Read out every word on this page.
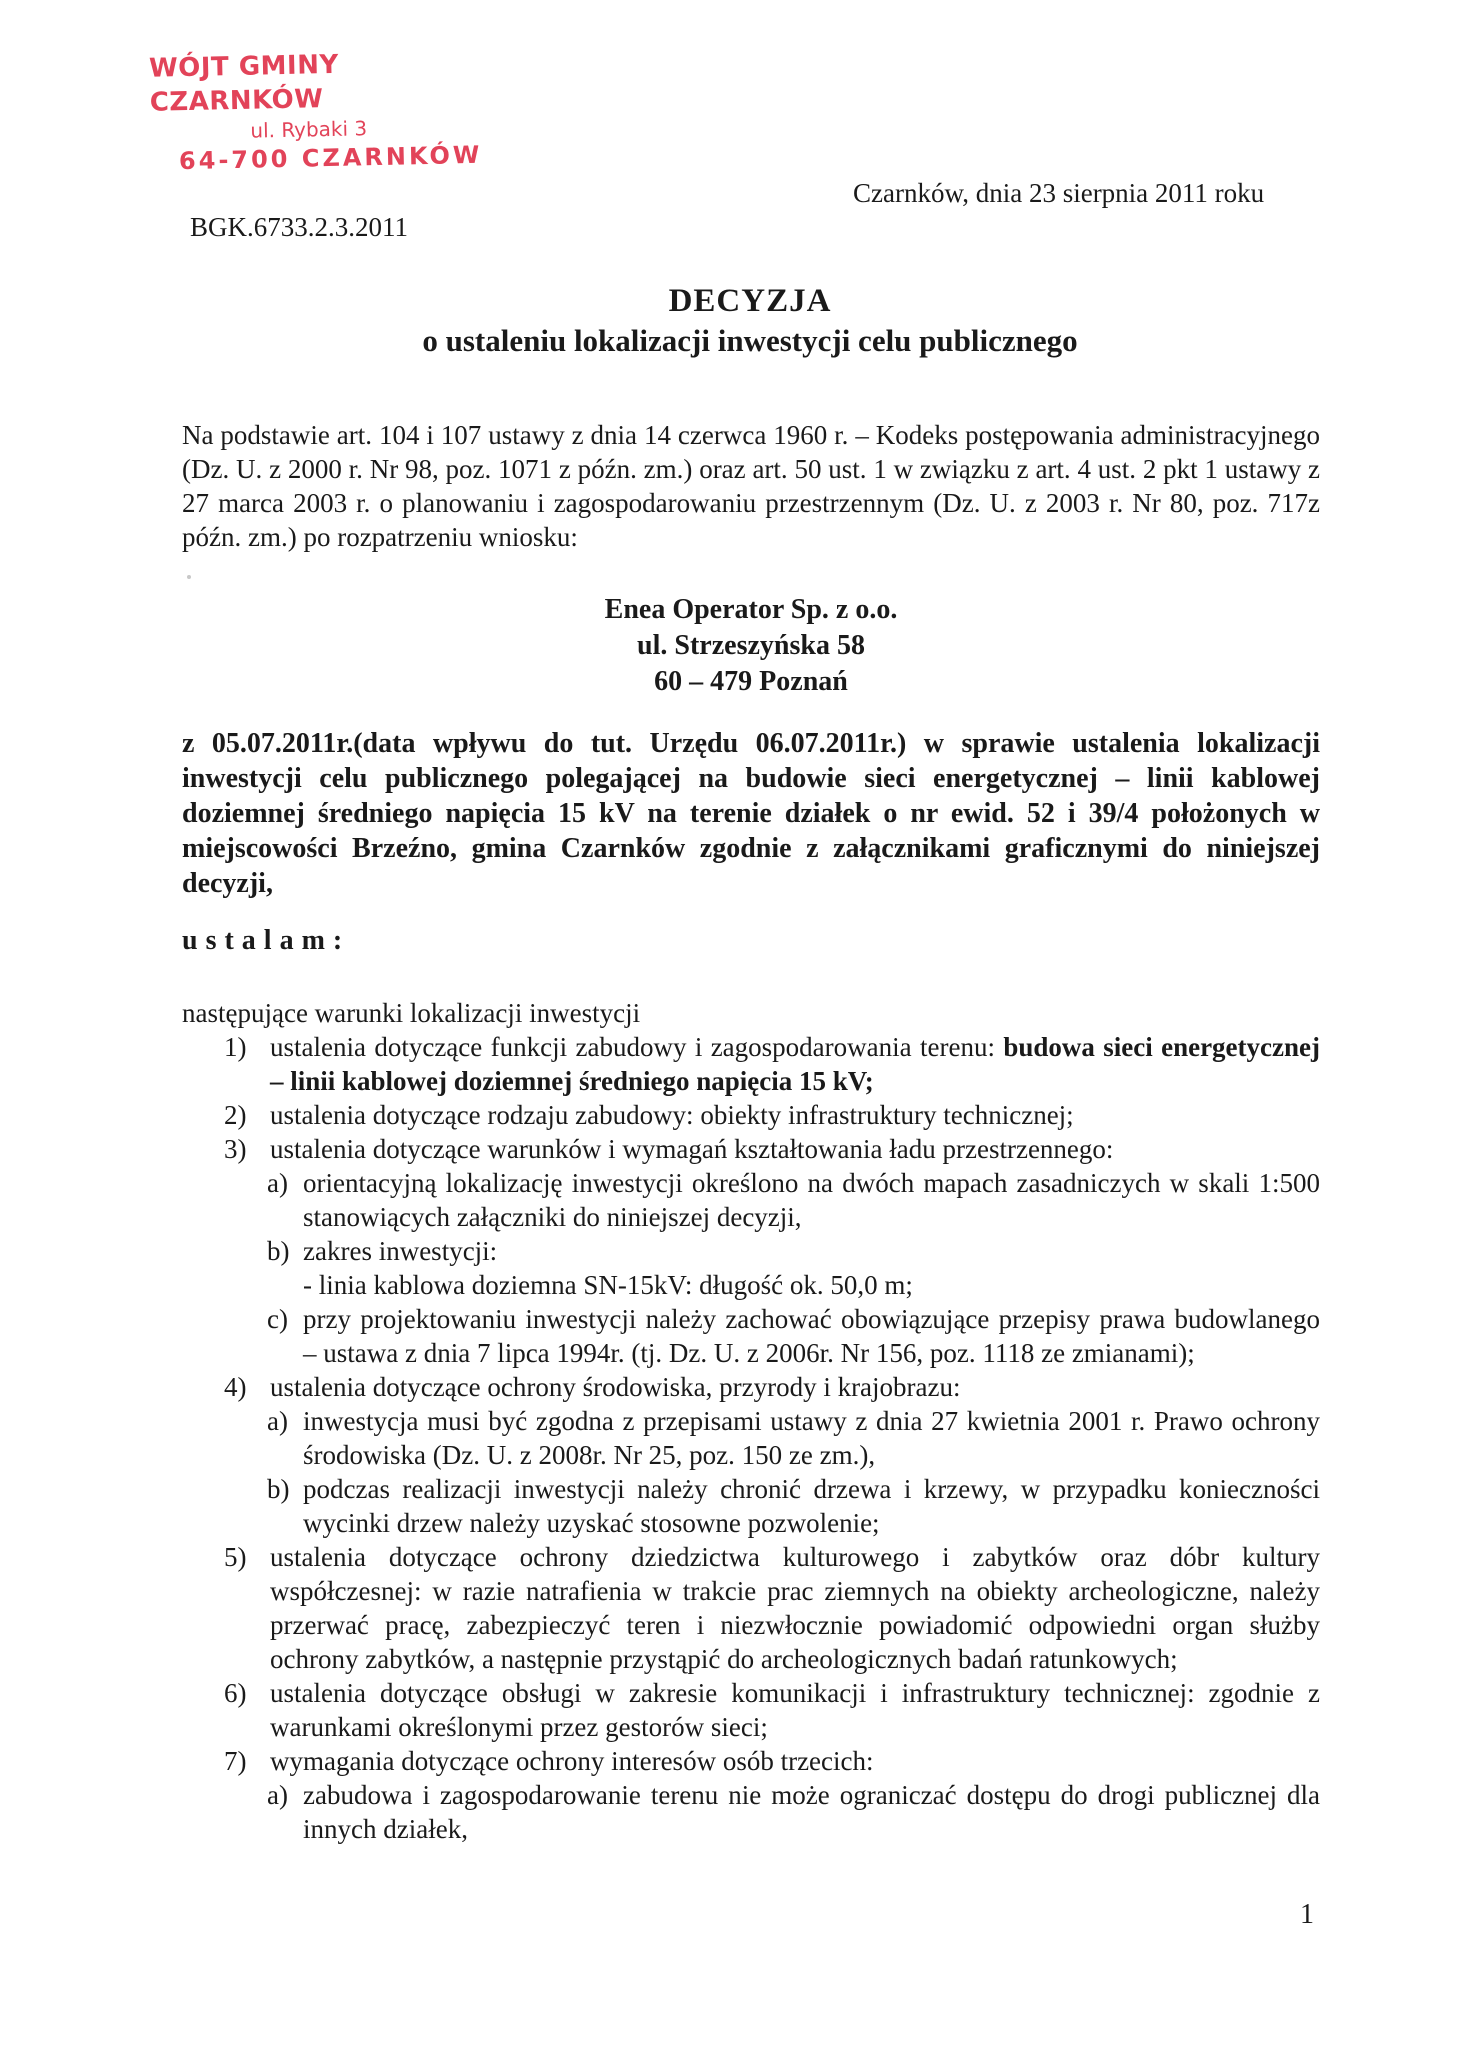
WÓJT GMINY CZARNKÓW
ul. Rybaki 3
64-700 CZARNKÓW
Czarnków, dnia 23 sierpnia 2011 roku
BGK.6733.2.3.2011
DECYZJA
o ustaleniu lokalizacji inwestycji celu publicznego
Na podstawie art. 104 i 107 ustawy z dnia 14 czerwca 1960 r. – Kodeks postępowania administracyjnego (Dz. U. z 2000 r. Nr 98, poz. 1071 z późn. zm.) oraz art. 50 ust. 1 w związku z art. 4 ust. 2 pkt 1 ustawy z 27 marca 2003 r. o planowaniu i zagospodarowaniu przestrzennym (Dz. U. z 2003 r. Nr 80, poz. 717z późn. zm.) po rozpatrzeniu wniosku:
Enea Operator Sp. z o.o.
ul. Strzeszyńska 58
60 – 479 Poznań
z 05.07.2011r.(data wpływu do tut. Urzędu 06.07.2011r.) w sprawie ustalenia lokalizacji inwestycji celu publicznego polegającej na budowie sieci energetycznej – linii kablowej doziemnej średniego napięcia 15 kV na terenie działek o nr ewid. 52 i 39/4 położonych w miejscowości Brzeźno, gmina Czarnków zgodnie z załącznikami graficznymi do niniejszej decyzji,
ustalam:
następujące warunki lokalizacji inwestycji
1) ustalenia dotyczące funkcji zabudowy i zagospodarowania terenu: budowa sieci energetycznej – linii kablowej doziemnej średniego napięcia 15 kV;
2) ustalenia dotyczące rodzaju zabudowy: obiekty infrastruktury technicznej;
3) ustalenia dotyczące warunków i wymagań kształtowania ładu przestrzennego:
a) orientacyjną lokalizację inwestycji określono na dwóch mapach zasadniczych w skali 1:500 stanowiących załączniki do niniejszej decyzji,
b) zakres inwestycji:
- linia kablowa doziemna SN-15kV: długość ok. 50,0 m;
c) przy projektowaniu inwestycji należy zachować obowiązujące przepisy prawa budowlanego – ustawa z dnia 7 lipca 1994r. (tj. Dz. U. z 2006r. Nr 156, poz. 1118 ze zmianami);
4) ustalenia dotyczące ochrony środowiska, przyrody i krajobrazu:
a) inwestycja musi być zgodna z przepisami ustawy z dnia 27 kwietnia 2001 r. Prawo ochrony środowiska (Dz. U. z 2008r. Nr 25, poz. 150 ze zm.),
b) podczas realizacji inwestycji należy chronić drzewa i krzewy, w przypadku konieczności wycinki drzew należy uzyskać stosowne pozwolenie;
5) ustalenia dotyczące ochrony dziedzictwa kulturowego i zabytków oraz dóbr kultury współczesnej: w razie natrafienia w trakcie prac ziemnych na obiekty archeologiczne, należy przerwać pracę, zabezpieczyć teren i niezwłocznie powiadomić odpowiedni organ służby ochrony zabytków, a następnie przystąpić do archeologicznych badań ratunkowych;
6) ustalenia dotyczące obsługi w zakresie komunikacji i infrastruktury technicznej: zgodnie z warunkami określonymi przez gestorów sieci;
7) wymagania dotyczące ochrony interesów osób trzecich:
a) zabudowa i zagospodarowanie terenu nie może ograniczać dostępu do drogi publicznej dla innych działek,
1
